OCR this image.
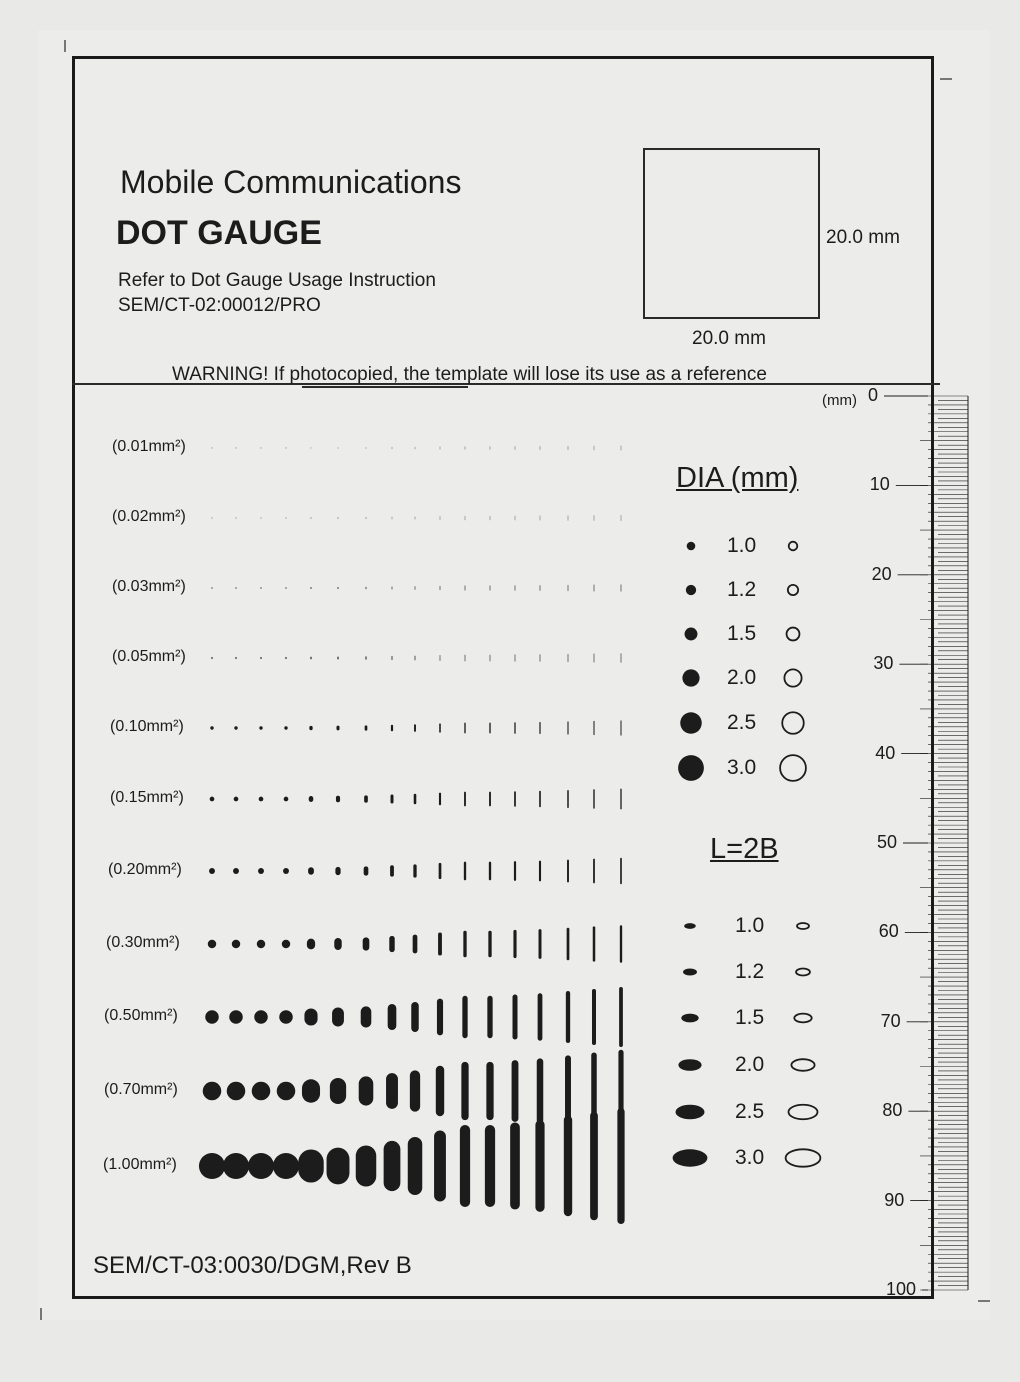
Mobile Communications
DOT GAUGE
Refer to Dot Gauge Usage Instruction
SEM/CT-02:00012/PRO
20.0 mm
20.0 mm
WARNING! If photocopied, the template will lose its use as a reference
(0.01mm²)
(0.02mm²)
(0.03mm²)
(0.05mm²)
(0.10mm²)
(0.15mm²)
(0.20mm²)
(0.30mm²)
(0.50mm²)
(0.70mm²)
(1.00mm²)
DIA (mm)
1.0
1.2
1.5
2.0
2.5
3.0
L=2B
1.0
1.2
1.5
2.0
2.5
3.0
(mm) 0
10
20
30
40
50
60
70
80
90
100
SEM/CT-03:0030/DGM,Rev B
